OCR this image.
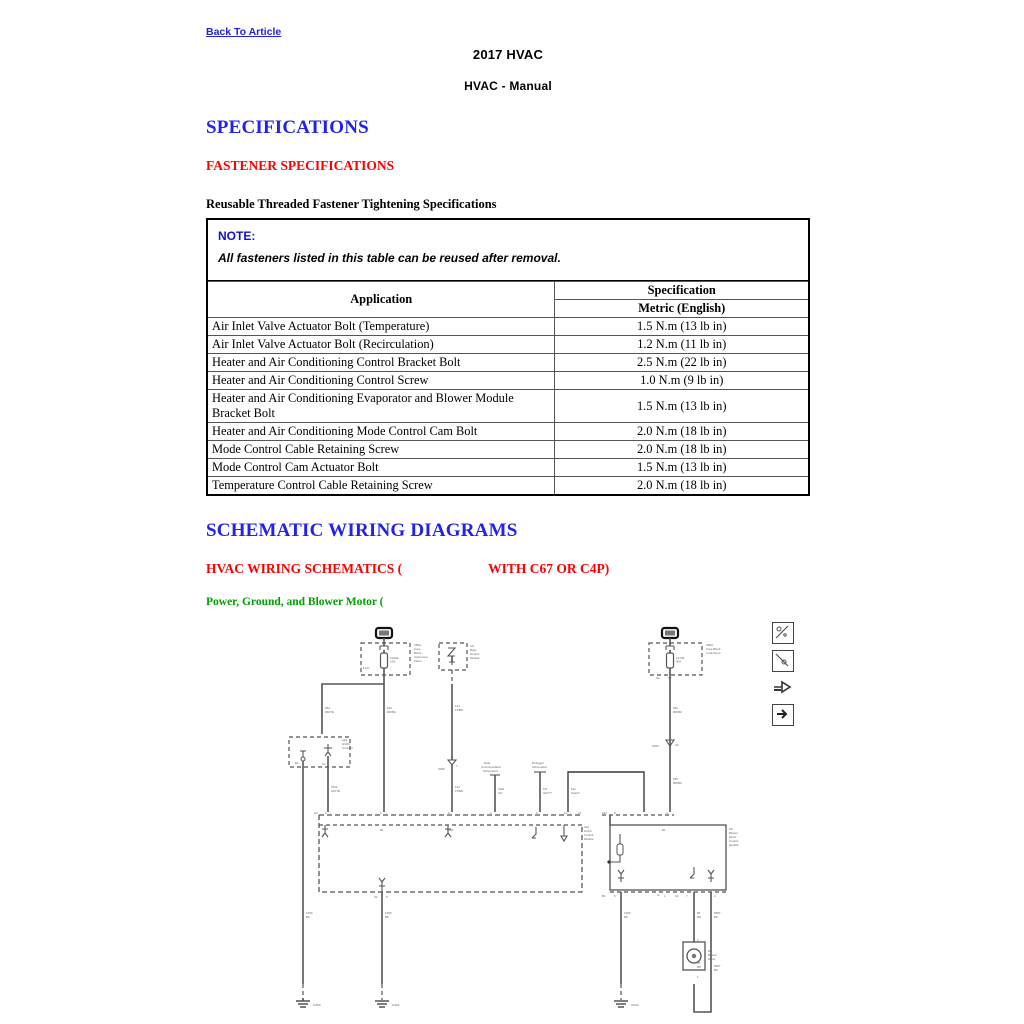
Back To Article
2017 HVAC
HVAC - Manual
SPECIFICATIONS
FASTENER SPECIFICATIONS
Reusable Threaded Fastener Tightening Specifications
NOTE:
All fasteners listed in this table can be reused after removal.
Application	Specification
	Metric (English)
Air Inlet Valve Actuator Bolt (Temperature)	1.5 N.m (13 lb in)
Air Inlet Valve Actuator Bolt (Recirculation)	1.2 N.m (11 lb in)
Heater and Air Conditioning Control Bracket Bolt	2.5 N.m (22 lb in)
Heater and Air Conditioning Control Screw	1.0 N.m (9 lb in)
Heater and Air Conditioning Evaporator and Blower Module Bracket Bolt	1.5 N.m (13 lb in)
Heater and Air Conditioning Mode Control Cam Bolt	2.0 N.m (18 lb in)
Mode Control Cable Retaining Screw	2.0 N.m (18 lb in)
Mode Control Cam Actuator Bolt	1.5 N.m (13 lb in)
Temperature Control Cable Retaining Screw	2.0 N.m (18 lb in)
SCHEMATIC WIRING DIAGRAMS
HVAC WIRING SCHEMATICS (	WITH C67 OR C4P)
Power, Ground, and Blower Motor (
F12Y
F120A
10A
X50A
Fuse
Block -
Instrument
Panel
942
RD/YE
640
RD/BU
A26
HVAC
Controls
7531
GN/YE
B1	C1
K9
Body
Control
Module
141
LT/BN
S200
7
141
LT/BN
Data
Communication
Schematics
Valid
GN
Defogger
Schematics
KO
GN/YT
Fan
Switch
A22
HVAC
Control
Module
H2	4	1	6	2	5	1b	c4
B1	s280
S2	6
G303
1450
BK
G301
1250
BK
F3 UB
40A
S2	S7
X50A
Fuse Block -
Underhood
540
RD/BU
S250	S4
545
RD/BU
K8
Blower
Motor
Control
Module
K12 5	4
B1
B1	5	G- 1	K2	7	2
1450
BK
65
RD
5687
BK
5687
BK
65
RD
M6
Blower
Motor
2
1
G204
